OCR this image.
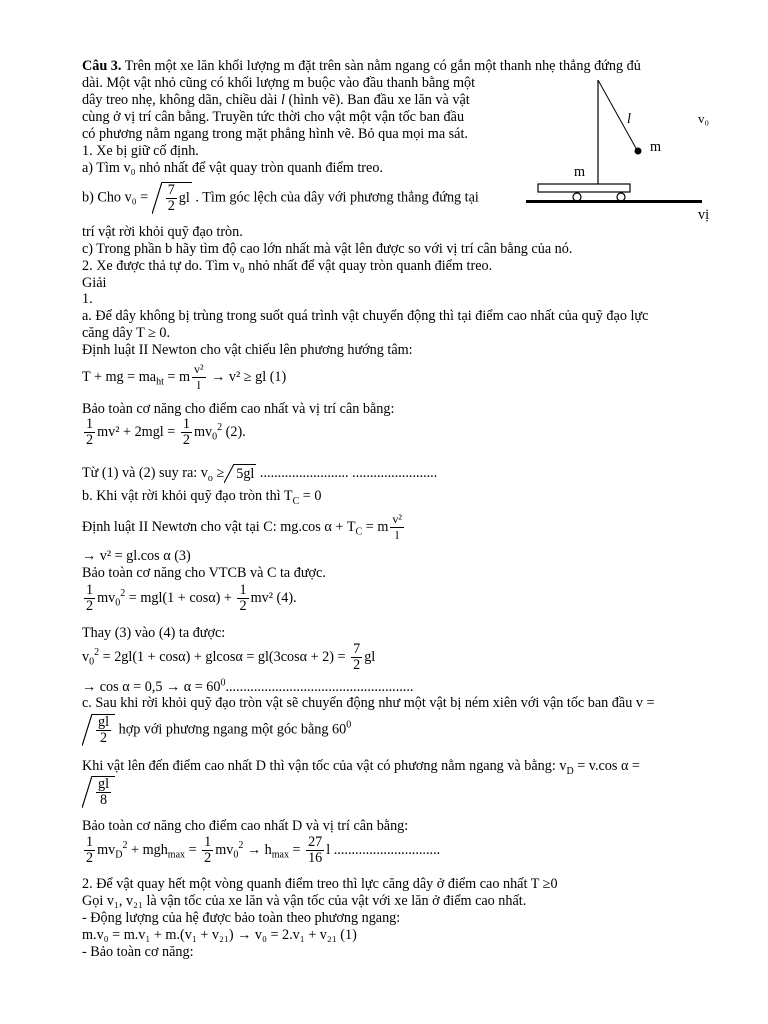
Câu 3. Trên một xe lăn khối lượng m đặt trên sàn nằm ngang có gắn một thanh nhẹ thẳng đứng đủ
dài. Một vật nhỏ cũng có khối lượng m buộc vào đầu thanh bằng một
dây treo nhẹ, không dãn, chiều dài l (hình vẽ). Ban đầu xe lăn và vật
cùng ở vị trí cân bằng. Truyền tức thời cho vật một vận tốc ban đầu
có phương nằm ngang trong mặt phẳng hình vẽ. Bỏ qua mọi ma sát.
1. Xe bị giữ cố định.
a) Tìm v₀ nhỏ nhất để vật quay tròn quanh điểm treo.
b) Cho $v_0 = \frac{7}{2}$ gl . Tìm góc lệch của dây với phương thẳng đứng tại
vị
trí vật rời khỏi quỹ đạo tròn.
c) Trong phần b hãy tìm độ cao lớn nhất mà vật lên được so với vị trí cân bằng của nó.
2. Xe được thả tự do. Tìm v₀ nhỏ nhất để vật quay tròn quanh điểm treo.
l
m
m
v₀
Giải
1.
a. Để dây không bị trùng trong suốt quá trình vật chuyển động thì tại điểm cao nhất của quỹ đạo lực
căng dây T ≥ 0.
Định luật II Newton cho vật chiếu lên phương hướng tâm:
T + mg = $ma_{ht} = m \frac{\text{v²}}{l} \to v^2$ ≥ gl (1)
Bảo toàn cơ năng cho điểm cao nhất và vị trí cân bằng:
$\frac{1}{2} mv^2 + 2mgl = \frac{1}{2} mv_0^2$ (2).
Từ (1) và (2) suy ra: $v_o \ge 5gl$ ......................... ........................
b. Khi vật rời khỏi quỹ đạo tròn thì $T_C = 0$
Định luật II Newtơn cho vật tại C: mg.cos $\alpha + T_C = m \frac{\text{v²}}{l}$
→ v² = gl.cos α (3)
Bảo toàn cơ năng cho VTCB và C ta được.
$\frac{1}{2} mv_0^2 = mgl(1 + \cos\alpha) + \frac{1}{2} mv^2$ (4).
Thay (3) vào (4) ta được:
$v_0^2 = 2gl(1 + \cos\alpha) + glcos\alpha = gl(3\cos\alpha + 2) = \frac{7}{2}$ gl
→ $\cos \alpha = 0,5 \to \alpha = 60^0$.....................................................
c. Sau khi rời khỏi quỹ đạo tròn vật sẽ chuyển động như một vật bị ném xiên với vận tốc ban đầu v =
$\frac{gl}{2}$ hợp với phương ngang một góc bằng $60^0$
Khi vật lên đến điểm cao nhất D thì vận tốc của vật có phương nằm ngang và bằng: $v_D = v.\cos$ α =
$\frac{gl}{8}$
Bảo toàn cơ năng cho điểm cao nhất D và vị trí cân bằng:
$\frac{1}{2} mv_D^2 + mgh_{max} = \frac{1}{2} mv_0^2 \to h_{max} = \frac{27}{16}$ l ..............................
2. Để vật quay hết một vòng quanh điểm treo thì lực căng dây ở điểm cao nhất T ≥0
Gọi v₁, v₂₁ là vận tốc của xe lăn và vận tốc của vật với xe lăn ở điểm cao nhất.
- Động lượng của hệ được bảo toàn theo phương ngang:
m.v₀ = m.v₁ + m.(v₁ + v₂₁) → v₀ = 2.v₁ + v₂₁ (1)
- Bảo toàn cơ năng:
